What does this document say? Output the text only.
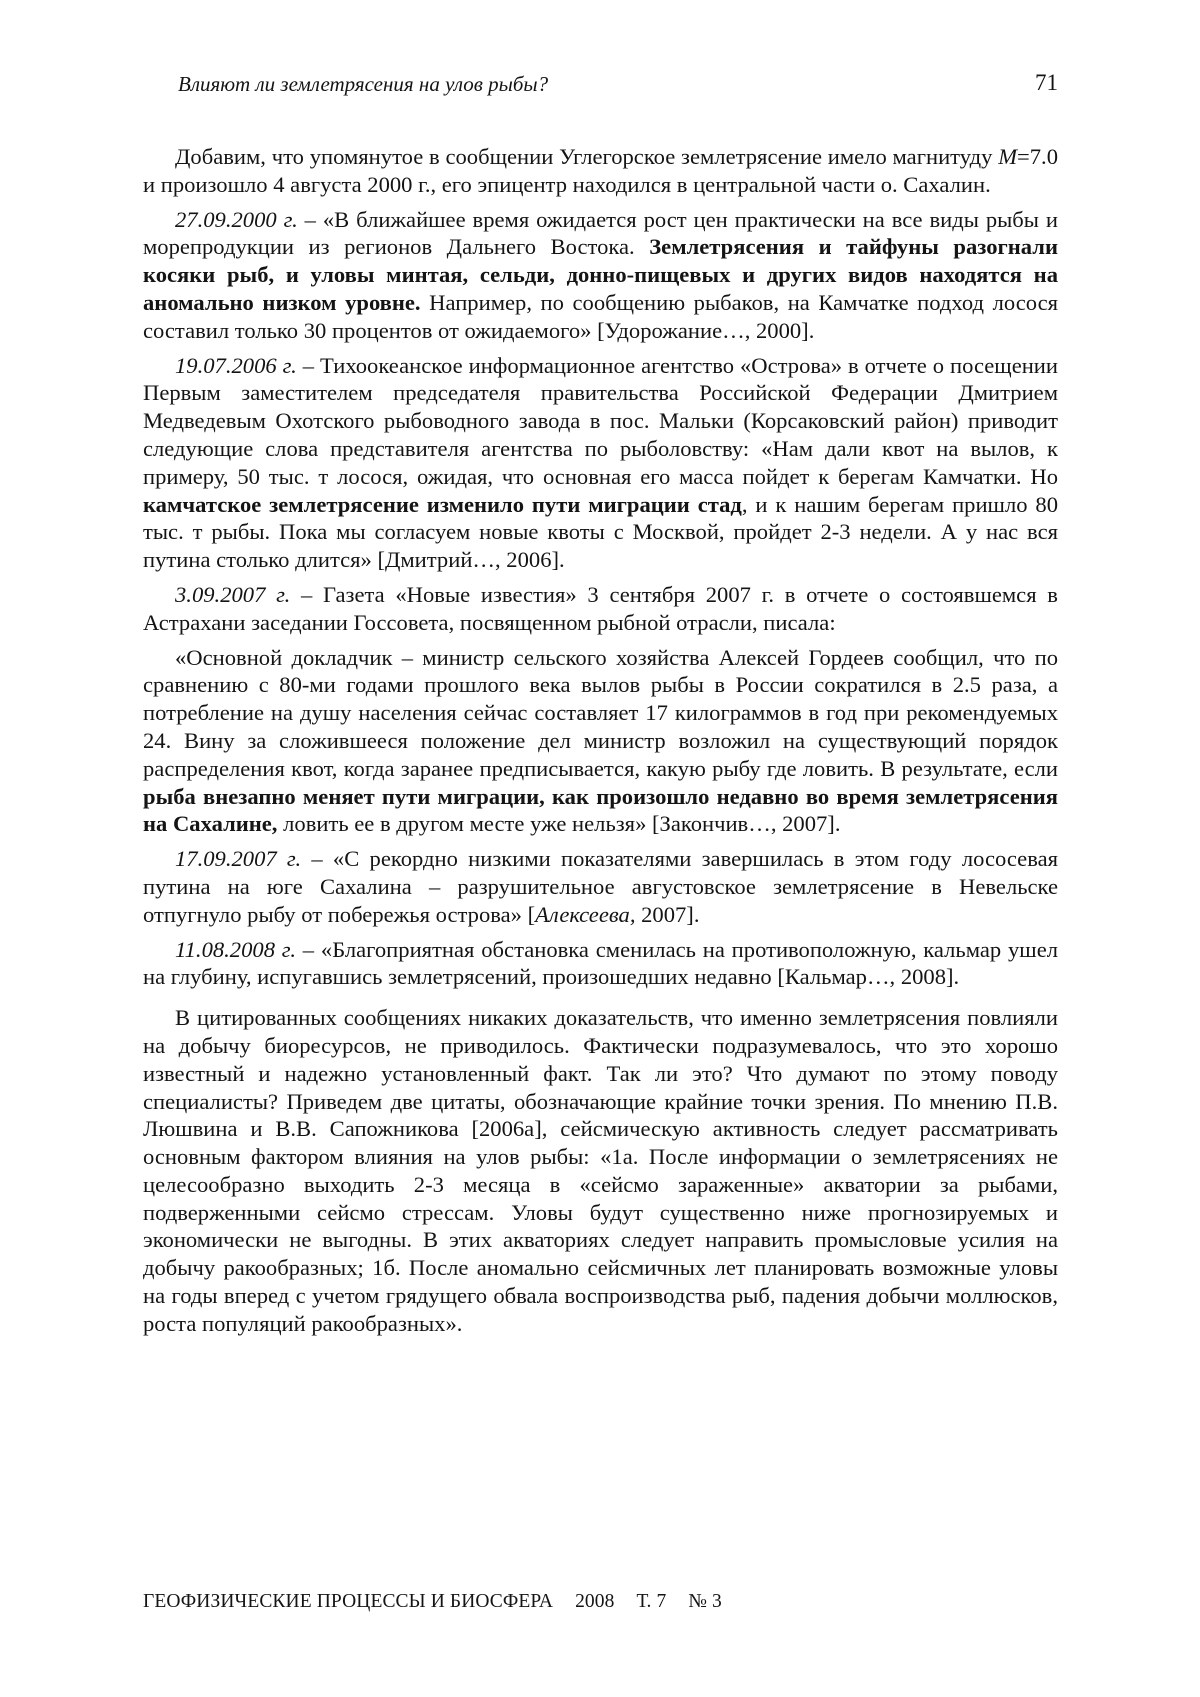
Влияют ли землетрясения на улов рыбы?	71

Добавим, что упомянутое в сообщении Углегорское землетрясение имело магнитуду M=7.0 и произошло 4 августа 2000 г., его эпицентр находился в центральной части о. Сахалин.

27.09.2000 г. – «В ближайшее время ожидается рост цен практически на все виды рыбы и морепродукции из регионов Дальнего Востока. Землетрясения и тайфуны разогнали косяки рыб, и уловы минтая, сельди, донно-пищевых и других видов находятся на аномально низком уровне. Например, по сообщению рыбаков, на Камчатке подход лосося составил только 30 процентов от ожидаемого» [Удорожание…, 2000].

19.07.2006 г. – Тихоокеанское информационное агентство «Острова» в отчете о посещении Первым заместителем председателя правительства Российской Федерации Дмитрием Медведевым Охотского рыбоводного завода в пос. Мальки (Корсаковский район) приводит следующие слова представителя агентства по рыболовству: «Нам дали квот на вылов, к примеру, 50 тыс. т лосося, ожидая, что основная его масса пойдет к берегам Камчатки. Но камчатское землетрясение изменило пути миграции стад, и к нашим берегам пришло 80 тыс. т рыбы. Пока мы согласуем новые квоты с Москвой, пройдет 2-3 недели. А у нас вся путина столько длится» [Дмитрий…, 2006].

3.09.2007 г. – Газета «Новые известия» 3 сентября 2007 г. в отчете о состоявшемся в Астрахани заседании Госсовета, посвященном рыбной отрасли, писала:

«Основной докладчик – министр сельского хозяйства Алексей Гордеев сообщил, что по сравнению с 80-ми годами прошлого века вылов рыбы в России сократился в 2.5 раза, а потребление на душу населения сейчас составляет 17 килограммов в год при рекомендуемых 24. Вину за сложившееся положение дел министр возложил на существующий порядок распределения квот, когда заранее предписывается, какую рыбу где ловить. В результате, если рыба внезапно меняет пути миграции, как произошло недавно во время землетрясения на Сахалине, ловить ее в другом месте уже нельзя» [Закончив…, 2007].

17.09.2007 г. – «С рекордно низкими показателями завершилась в этом году лососевая путина на юге Сахалина – разрушительное августовское землетрясение в Невельске отпугнуло рыбу от побережья острова» [Алексеева, 2007].

11.08.2008 г. – «Благоприятная обстановка сменилась на противоположную, кальмар ушел на глубину, испугавшись землетрясений, произошедших недавно [Кальмар…, 2008].

В цитированных сообщениях никаких доказательств, что именно землетрясения повлияли на добычу биоресурсов, не приводилось. Фактически подразумевалось, что это хорошо известный и надежно установленный факт. Так ли это? Что думают по этому поводу специалисты? Приведем две цитаты, обозначающие крайние точки зрения. По мнению П.В. Люшвина и В.В. Сапожникова [2006а], сейсмическую активность следует рассматривать основным фактором влияния на улов рыбы: «1а. После информации о землетрясениях не целесообразно выходить 2-3 месяца в «сейсмо зараженные» акватории за рыбами, подверженными сейсмо стрессам. Уловы будут существенно ниже прогнозируемых и экономически не выгодны. В этих акваториях следует направить промысловые усилия на добычу ракообразных; 1б. После аномально сейсмичных лет планировать возможные уловы на годы вперед с учетом грядущего обвала воспроизводства рыб, падения добычи моллюсков, роста популяций ракообразных».

ГЕОФИЗИЧЕСКИЕ ПРОЦЕССЫ И БИОСФЕРА 2008 Т. 7 № 3
